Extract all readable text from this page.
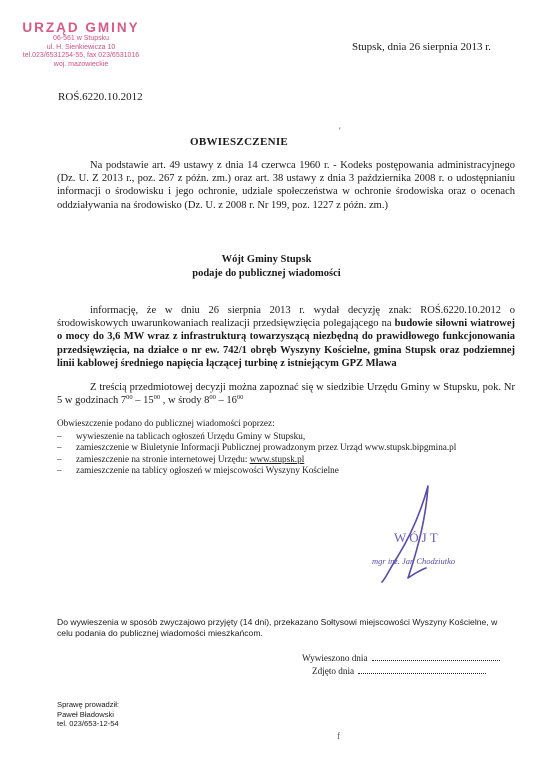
URZĄD GMINY
06-561 w Stupsku
ul. H. Sienkiewicza 10
tel.023/6531254-55, fax 023/6531016
woj. mazowieckie
Stupsk, dnia 26 sierpnia 2013 r.
ROŚ.6220.10.2012
'
OBWIESZCZENIE
Na podstawie art. 49 ustawy z dnia 14 czerwca 1960 r. - Kodeks postępowania administracyjnego (Dz. U. Z 2013 r., poz. 267 z późn. zm.) oraz art. 38 ustawy z dnia 3 października 2008 r. o udostępnianiu informacji o środowisku i jego ochronie, udziale społeczeństwa w ochronie środowiska oraz o ocenach oddziaływania na środowisko (Dz. U. z 2008 r. Nr 199, poz. 1227 z późn. zm.)
Wójt Gminy Stupsk
podaje do publicznej wiadomości
informację, że w dniu 26 sierpnia 2013 r. wydał decyzję znak: ROŚ.6220.10.2012 o środowiskowych uwarunkowaniach realizacji przedsięwzięcia polegającego na budowie siłowni wiatrowej o mocy do 3,6 MW wraz z infrastrukturą towarzyszącą niezbędną do prawidłowego funkcjonowania przedsięwzięcia, na działce o nr ew. 742/1 obręb Wyszyny Kościelne, gmina Stupsk oraz podziemnej linii kablowej średniego napięcia łączącej turbinę z istniejącym GPZ Mława
Z treścią przedmiotowej decyzji można zapoznać się w siedzibie Urzędu Gminy w Stupsku, pok. Nr 5 w godzinach $7^{00} - 15^{00}$ , w środy $8^{00} - 16^{00}$
Obwieszczenie podano do publicznej wiadomości poprzez:
– wywieszenie na tablicach ogłoszeń Urzędu Gminy w Stupsku,
– zamieszczenie w Biuletynie Informacji Publicznej prowadzonym przez Urząd www.stupsk.bipgmina.pl
– zamieszczenie na stronie internetowej Urzędu: www.stupsk.pl
– zamieszczenie na tablicy ogłoszeń w miejscowości Wyszyny Kościelne
WÓJT
mgr inż. Jan Chodziutko
Do wywieszenia w sposób zwyczajowo przyjęty (14 dni), przekazano Sołtysowi miejscowości Wyszyny Kościelne, w celu podania do publicznej wiadomości mieszkańcom.
Wywieszono dnia
Zdjęto dnia
Sprawę prowadził:
Paweł Bładowski
tel. 023/653-12-54
f
